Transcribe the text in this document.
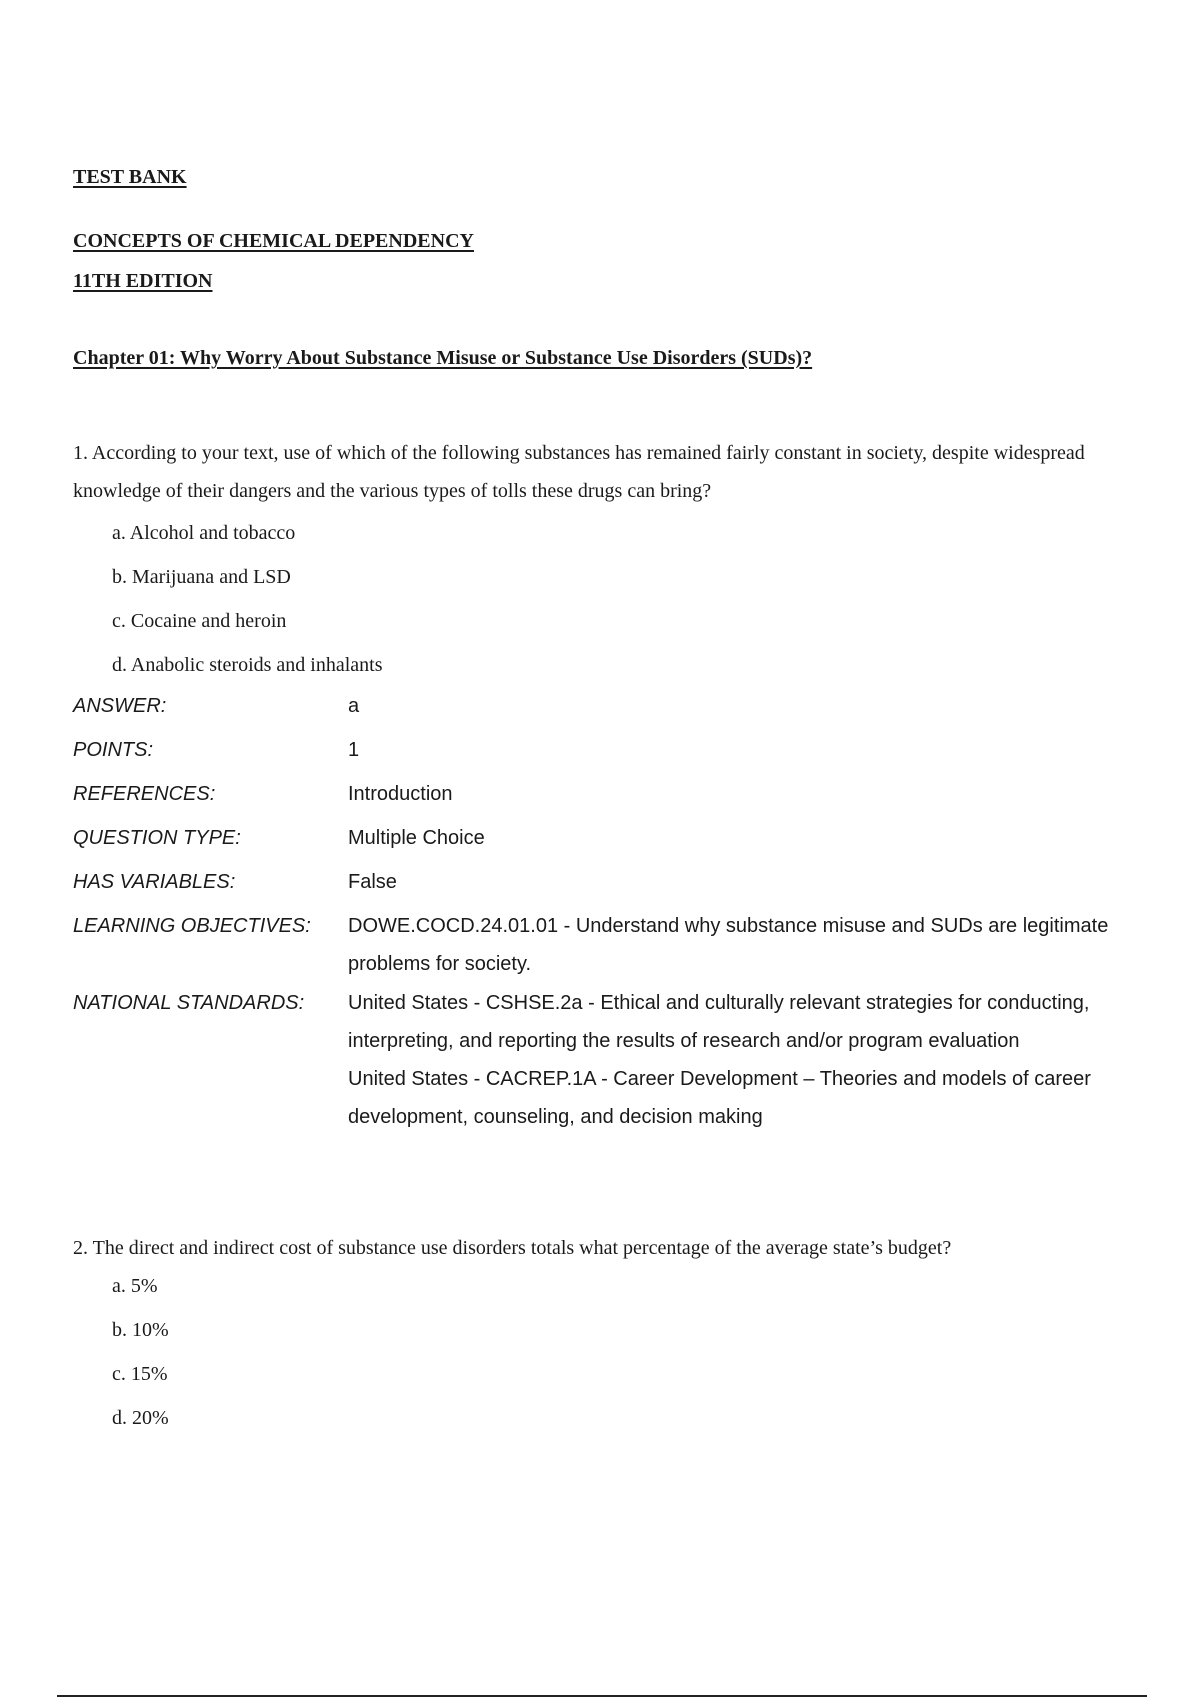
TEST BANK
CONCEPTS OF CHEMICAL DEPENDENCY
11TH EDITION
Chapter 01: Why Worry About Substance Misuse or Substance Use Disorders (SUDs)?

1. According to your text, use of which of the following substances has remained fairly constant in society, despite widespread knowledge of their dangers and the various types of tolls these drugs can bring?

a. Alcohol and tobacco
b. Marijuana and LSD
c. Cocaine and heroin
d. Anabolic steroids and inhalants
ANSWER:	a
POINTS:	1
REFERENCES:	Introduction
QUESTION TYPE:	Multiple Choice
HAS VARIABLES:	False
LEARNING OBJECTIVES:	DOWE.COCD.24.01.01 - Understand why substance misuse and SUDs are legitimate problems for society.
NATIONAL STANDARDS:	United States - CSHSE.2a - Ethical and culturally relevant strategies for conducting, interpreting, and reporting the results of research and/or program evaluation
United States - CACREP.1A - Career Development – Theories and models of career development, counseling, and decision making

2. The direct and indirect cost of substance use disorders totals what percentage of the average state’s budget?

a. 5%
b. 10%
c. 15%
d. 20%
